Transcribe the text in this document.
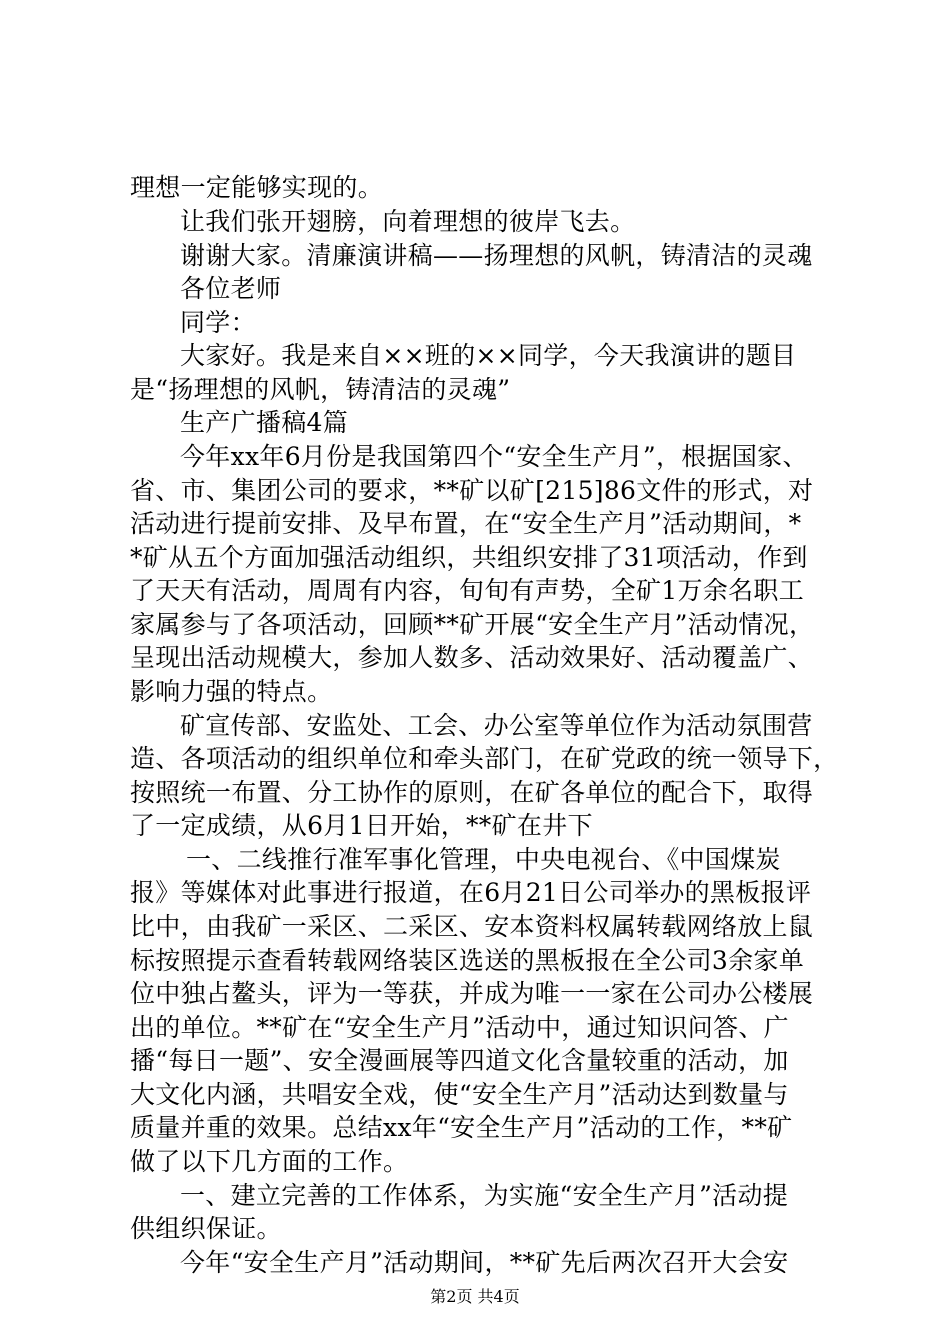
理想一定能够实现的。
让我们张开翅膀，向着理想的彼岸飞去。
谢谢大家。清廉演讲稿——扬理想的风帆，铸清洁的灵魂
各位老师
同学：
大家好。我是来自××班的××同学，今天我演讲的题目
是“扬理想的风帆，铸清洁的灵魂”
生产广播稿4篇
今年xx年6月份是我国第四个“安全生产月”，根据国家、
省、市、集团公司的要求，**矿以矿[215]86文件的形式，对
活动进行提前安排、及早布置，在“安全生产月”活动期间，*
*矿从五个方面加强活动组织，共组织安排了31项活动，作到
了天天有活动，周周有内容，旬旬有声势，全矿1万余名职工
家属参与了各项活动，回顾**矿开展“安全生产月”活动情况，
呈现出活动规模大，参加人数多、活动效果好、活动覆盖广、
影响力强的特点。
矿宣传部、安监处、工会、办公室等单位作为活动氛围营
造、各项活动的组织单位和牵头部门，在矿党政的统一领导下，
按照统一布置、分工协作的原则，在矿各单位的配合下，取得
了一定成绩，从6月1日开始，**矿在井下
一、二线推行准军事化管理，中央电视台、《中国煤炭
报》等媒体对此事进行报道，在6月21日公司举办的黑板报评
比中，由我矿一采区、二采区、安本资料权属转载网络放上鼠
标按照提示查看转载网络装区选送的黑板报在全公司3余家单
位中独占鳌头，评为一等获，并成为唯一一家在公司办公楼展
出的单位。**矿在“安全生产月”活动中，通过知识问答、广
播“每日一题”、安全漫画展等四道文化含量较重的活动，加
大文化内涵，共唱安全戏，使“安全生产月”活动达到数量与
质量并重的效果。总结xx年“安全生产月”活动的工作，**矿
做了以下几方面的工作。
一、建立完善的工作体系，为实施“安全生产月”活动提
供组织保证。
今年“安全生产月”活动期间，**矿先后两次召开大会安
第2页 共4页
